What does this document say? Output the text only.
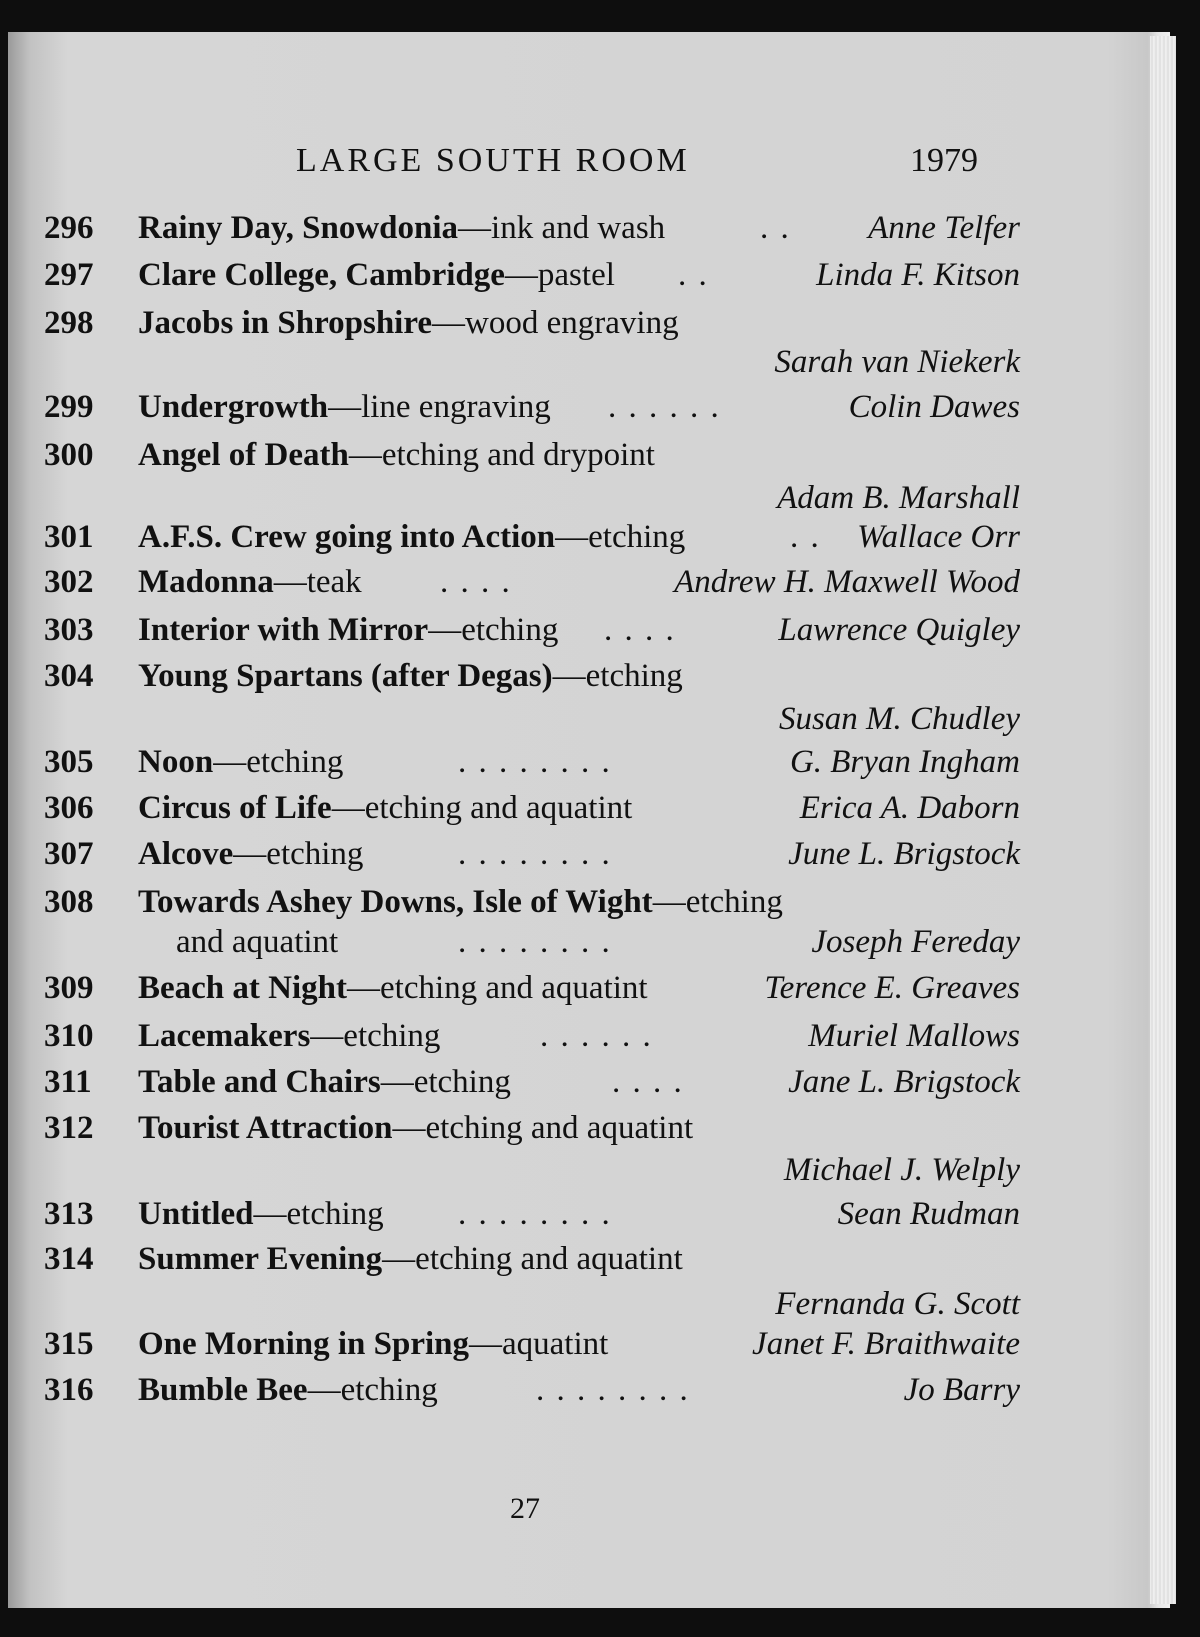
LARGE SOUTH ROOM	1979
296 Rainy Day, Snowdonia—ink and wash	. . Anne Telfer
297 Clare College, Cambridge—pastel . .	Linda F. Kitson
298 Jacobs in Shropshire—wood engraving
Sarah van Niekerk
299 Undergrowth—line engraving . . . . . .	Colin Dawes
300 Angel of Death—etching and drypoint
Adam B. Marshall
301 A.F.S. Crew going into Action—etching	. . Wallace Orr
302 Madonna—teak . . . .	Andrew H. Maxwell Wood
303 Interior with Mirror—etching . . . .	Lawrence Quigley
304 Young Spartans (after Degas)—etching
Susan M. Chudley
305 Noon—etching	. . . . . . . .	G. Bryan Ingham
306 Circus of Life—etching and aquatint	Erica A. Daborn
307 Alcove—etching	. . . . . . . .	June L. Brigstock
308 Towards Ashey Downs, Isle of Wight—etching
and aquatint	. . . . . . . .	Joseph Fereday
309 Beach at Night—etching and aquatint	Terence E. Greaves
310 Lacemakers—etching	. . . . . .	Muriel Mallows
311 Table and Chairs—etching	. . . .	Jane L. Brigstock
312 Tourist Attraction—etching and aquatint
Michael J. Welply
313 Untitled—etching . . . . . . . .	Sean Rudman
314 Summer Evening—etching and aquatint
Fernanda G. Scott
315 One Morning in Spring—aquatint	Janet F. Braithwaite
316 Bumble Bee—etching	. . . . . . . .	Jo Barry
27
